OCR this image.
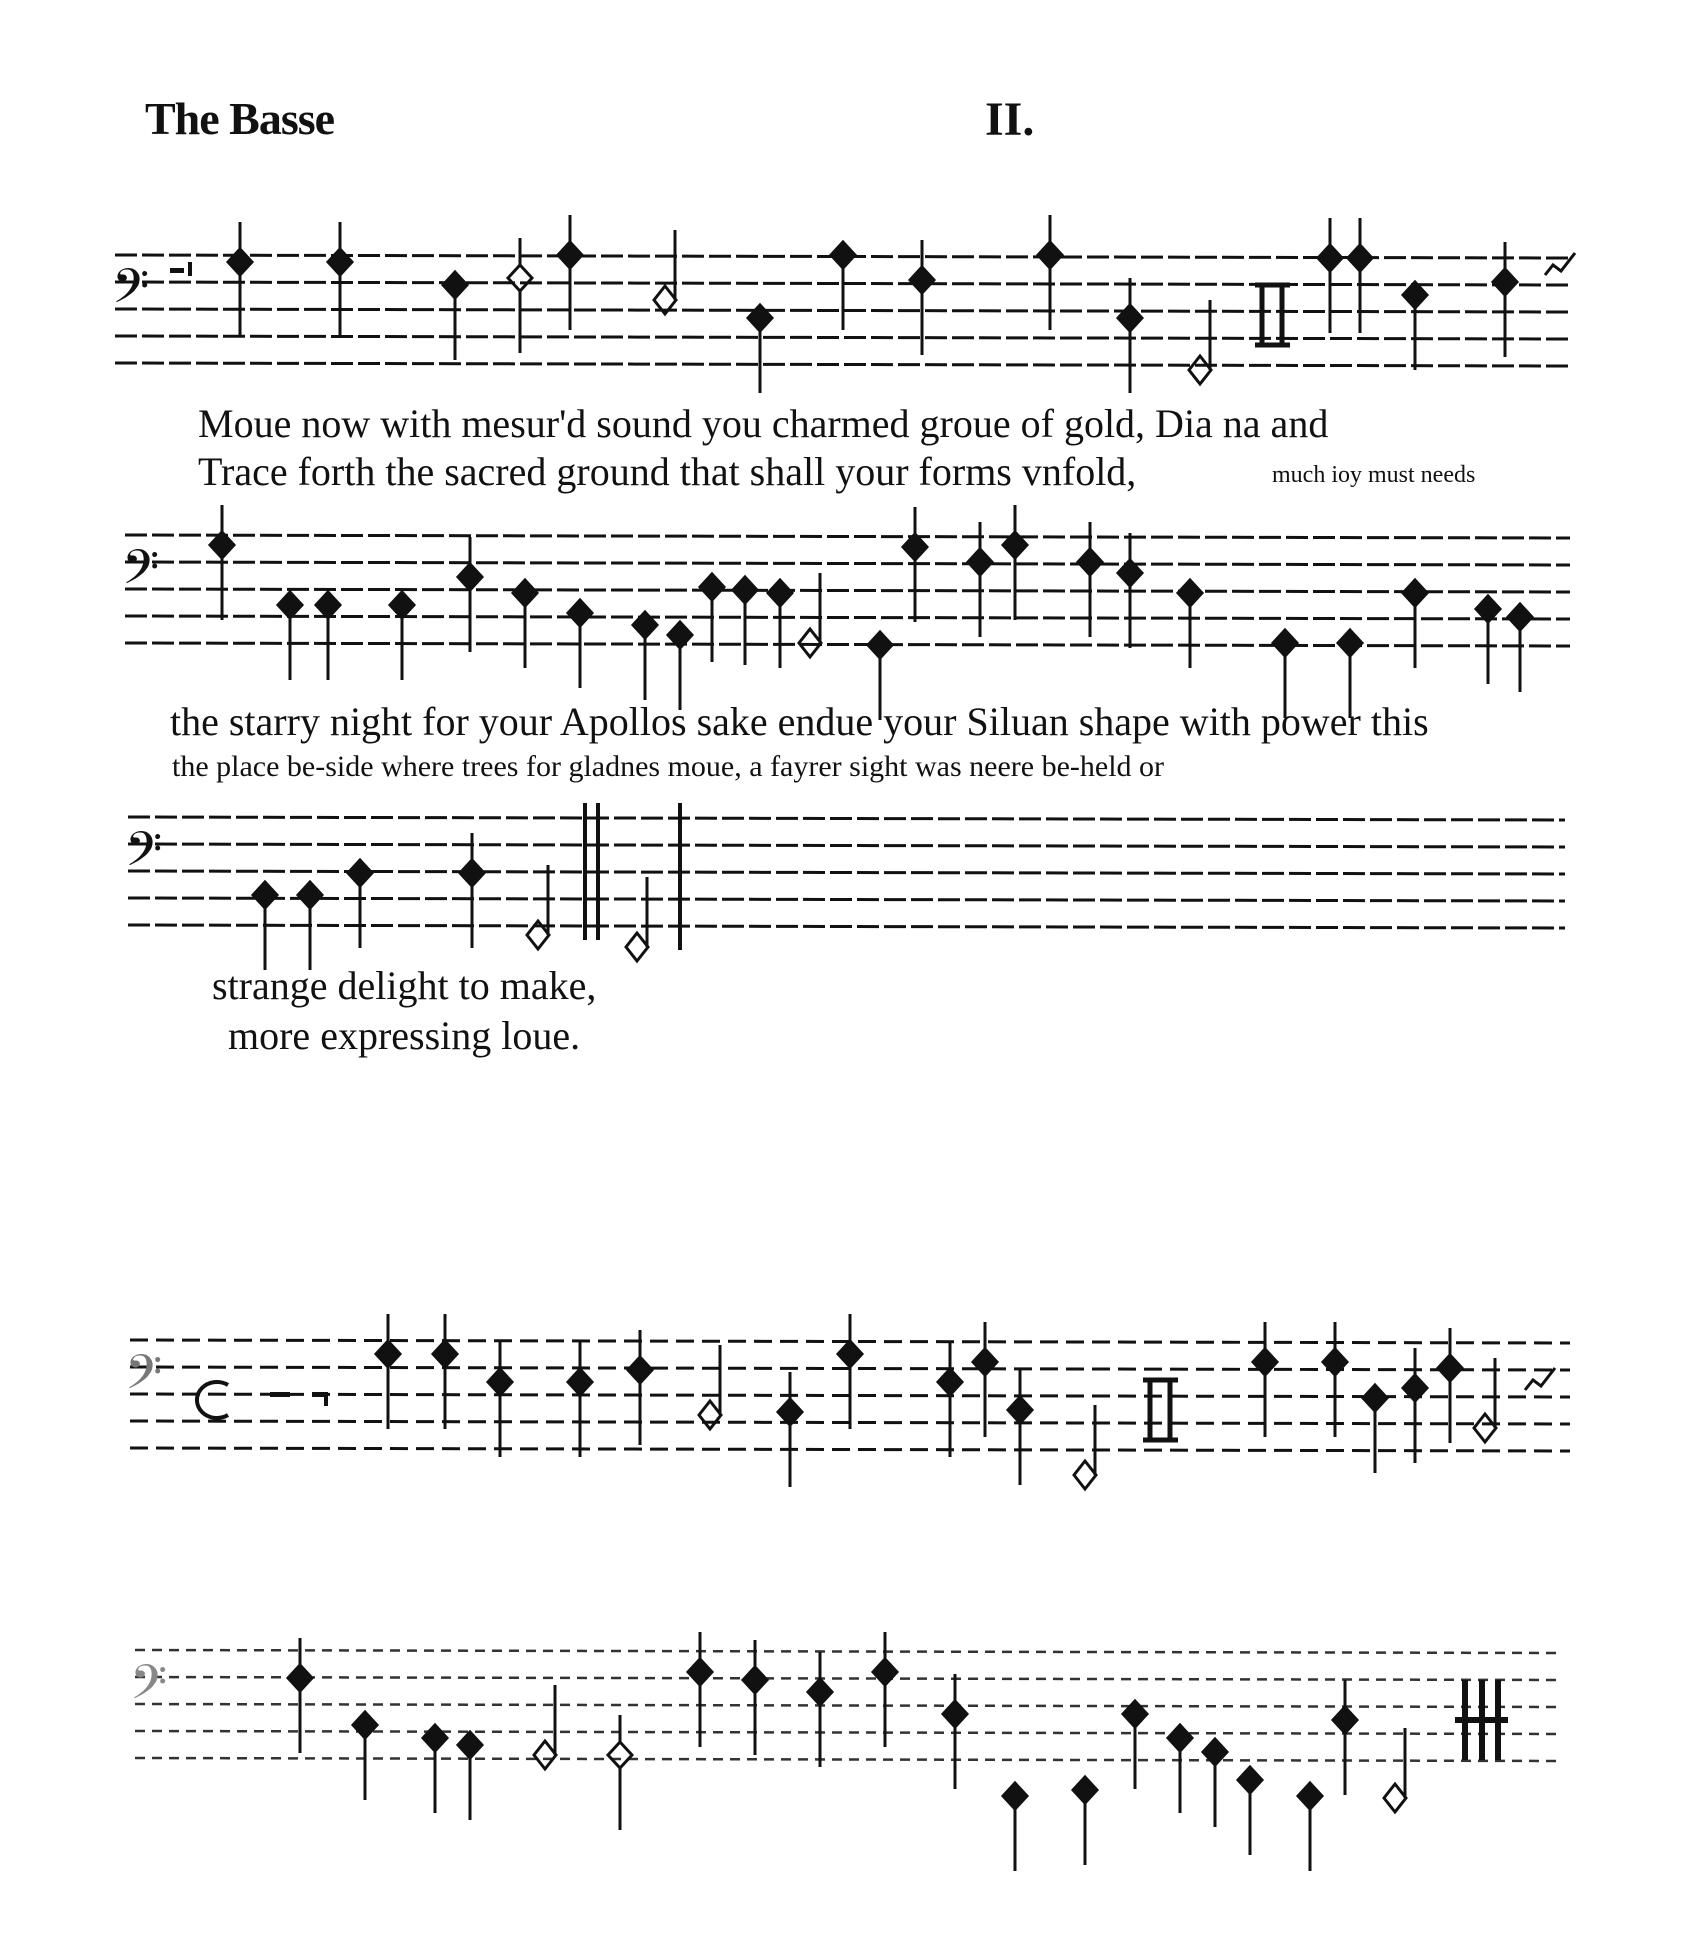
The Basse	II.
𝄢
Moue now with mesur'd sound you charmed groue of gold, Dia na and
Trace forth the sacred ground that shall your forms vnfold,	much ioy must needs
𝄢
the starry night for your Apollos sake endue your Siluan shape with power this
the place be-side where trees for gladnes moue, a fayrer sight was neere be-held or
𝄢
strange delight to make,
more expressing loue.
𝄢
𝄢
